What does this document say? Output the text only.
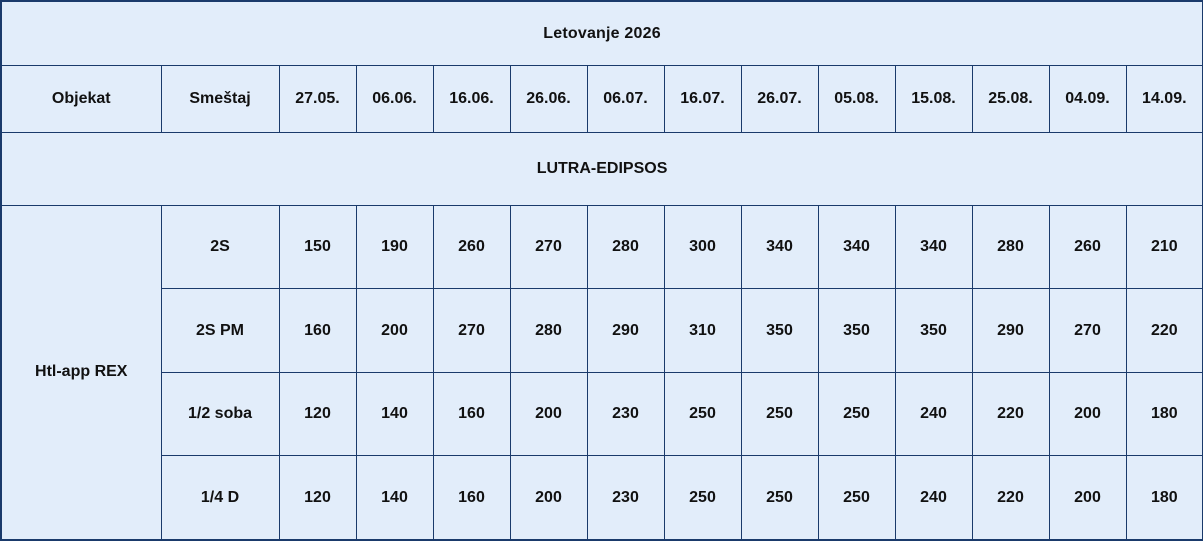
Letovanje 2026													
Objekat	Smeštaj	27.05.	06.06.	16.06.	26.06.	06.07.	16.07.	26.07.	05.08.	15.08.	25.08.	04.09.	14.09.
LUTRA-EDIPSOS													
Htl-app REX	2S	150	190	260	270	280	300	340	340	340	280	260	210
	2S PM	160	200	270	280	290	310	350	350	350	290	270	220
	1/2 soba	120	140	160	200	230	250	250	250	240	220	200	180
	1/4 D	120	140	160	200	230	250	250	250	240	220	200	180
